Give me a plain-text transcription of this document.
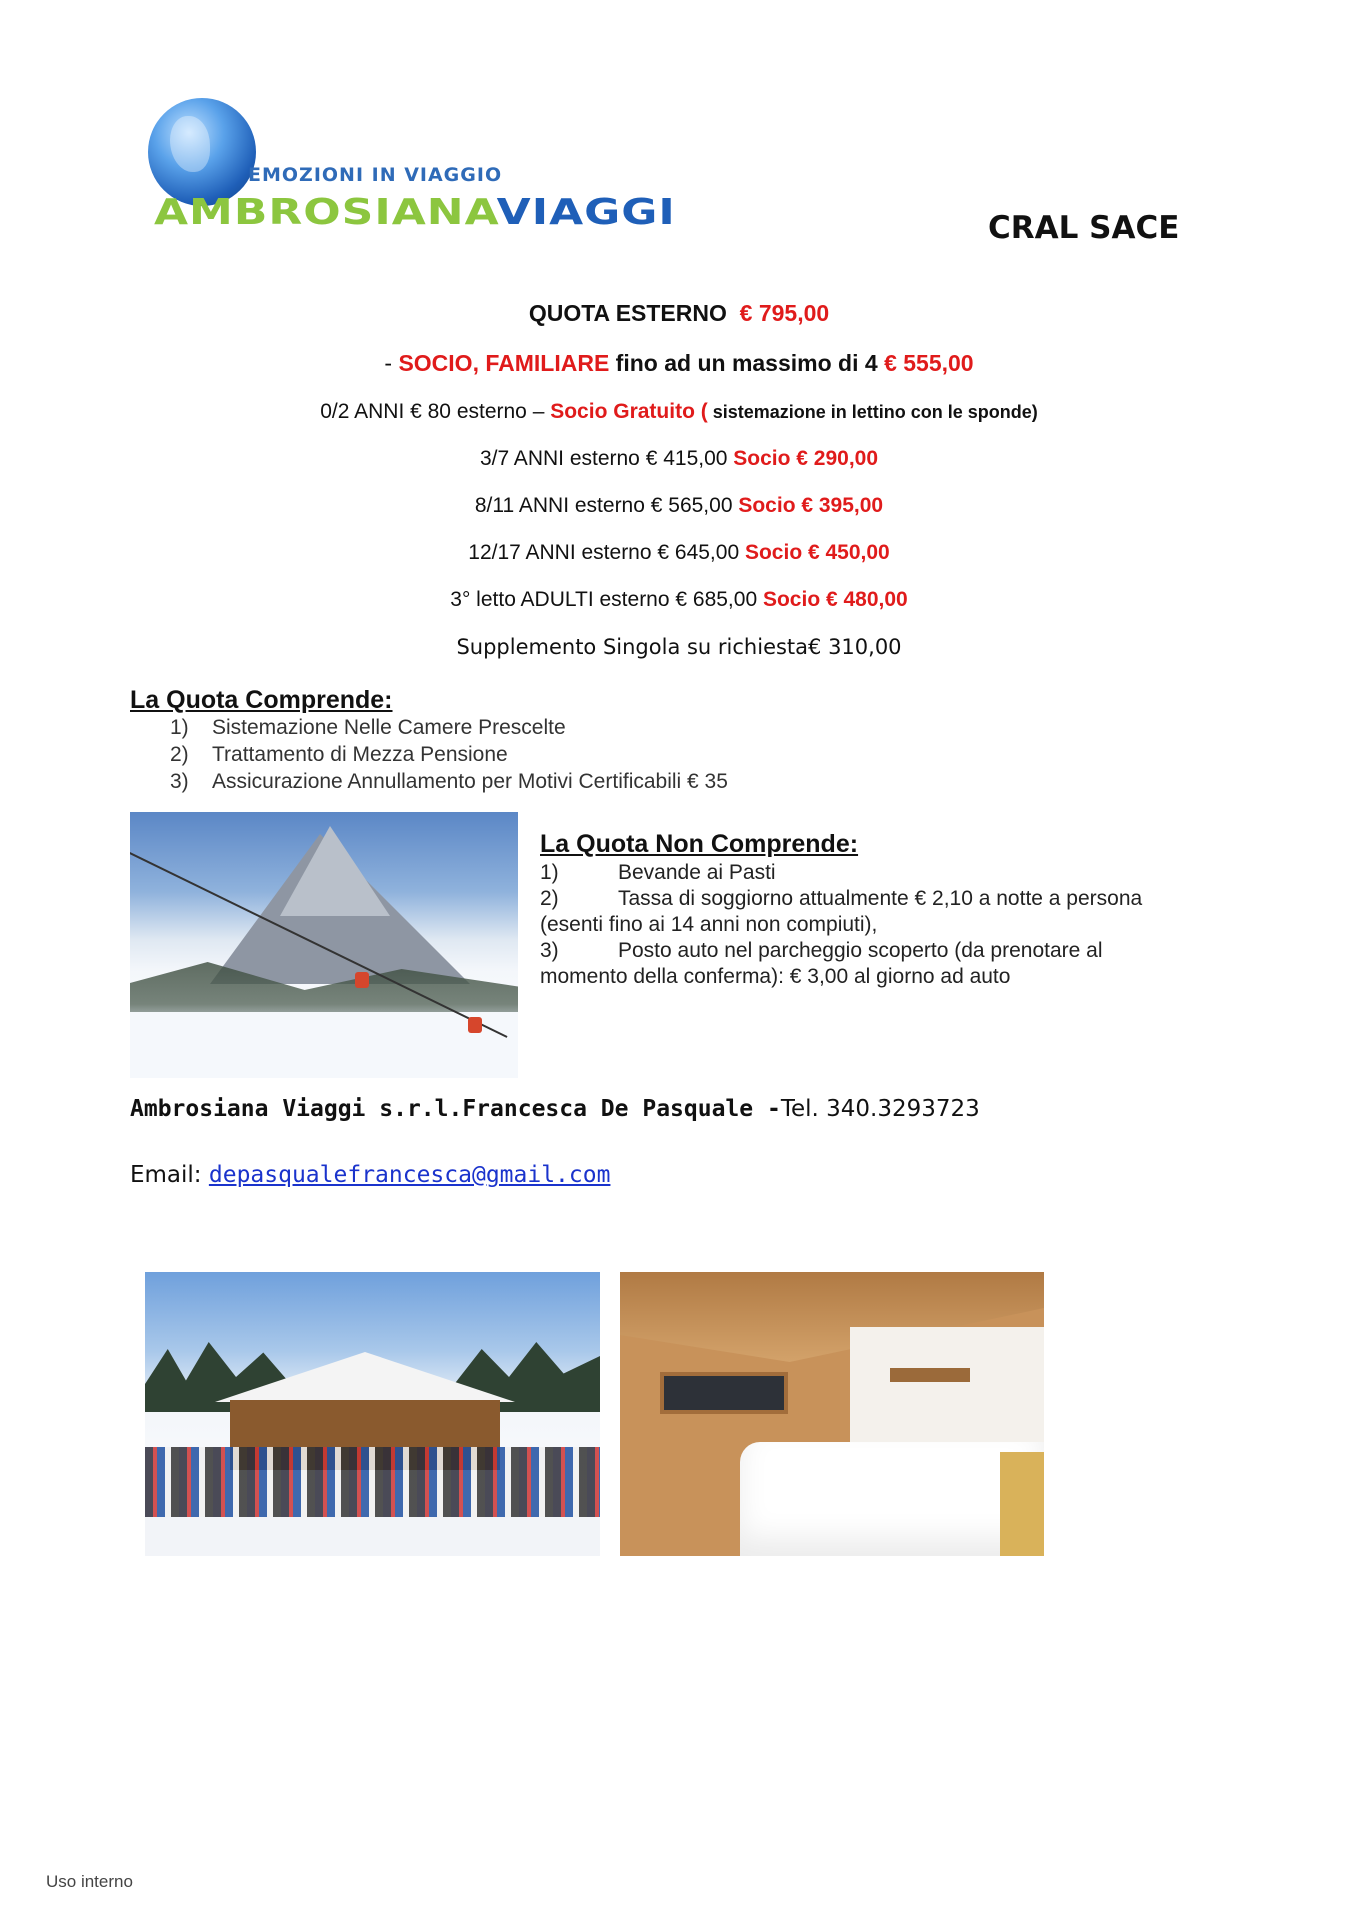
EMOZIONI IN VIAGGIO
AMBROSIANAVIAGGI	CRAL SACE
QUOTA ESTERNO € 795,00
- SOCIO, FAMILIARE fino ad un massimo di 4 € 555,00
0/2 ANNI € 80 esterno – Socio Gratuito ( sistemazione in lettino con le sponde)
3/7 ANNI esterno € 415,00 Socio € 290,00
8/11 ANNI esterno € 565,00 Socio € 395,00
12/17 ANNI esterno € 645,00 Socio € 450,00
3° letto ADULTI esterno € 685,00 Socio € 480,00
Supplemento Singola su richiesta€ 310,00
La Quota Comprende:
1) Sistemazione Nelle Camere Prescelte
2) Trattamento di Mezza Pensione
3) Assicurazione Annullamento per Motivi Certificabili € 35
La Quota Non Comprende:
1)	Bevande ai Pasti
2)	Tassa di soggiorno attualmente € 2,10 a notte a persona
(esenti fino ai 14 anni non compiuti),
3)	Posto auto nel parcheggio scoperto (da prenotare al
momento della conferma): € 3,00 al giorno ad auto
Ambrosiana Viaggi s.r.l.Francesca De Pasquale -Tel. 340.3293723
Email: depasqualefrancesca@gmail.com
Uso interno
